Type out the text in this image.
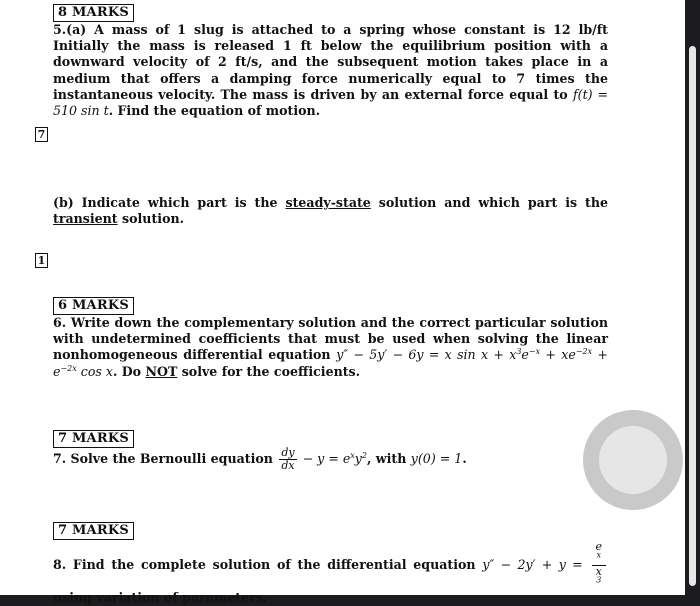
8 MARKS
5.(a) A mass of 1 slug is attached to a spring whose constant is 12 lb/ft Initially the mass is released 1 ft below the equilibrium position with a downward velocity of 2 ft/s, and the subsequent motion takes place in a medium that offers a damping force numerically equal to 7 times the instantaneous velocity. The mass is driven by an external force equal to f(t) = 510 sin t. Find the equation of motion.
7
(b) Indicate which part is the steady-state solution and which part is the transient solution.
1
6 MARKS
6. Write down the complementary solution and the correct particular solution with undetermined coefficients that must be used when solving the linear nonhomogeneous differential equation y″ − 5y′ − 6y = x $\sin x + x^3e^{-x} + xe^{-2x} + e^{-2x}$ cos x. Do NOT solve for the coefficients.
7 MARKS
7. Solve the Bernoulli equation $\frac{dy}{dx} - y = e^xy^2$, with y(0) = 1.
7 MARKS
8. Find the complete solution of the differential equation y″ − 2y′ + y = e
$^x$
x
$^3$
using variation of parameters.
